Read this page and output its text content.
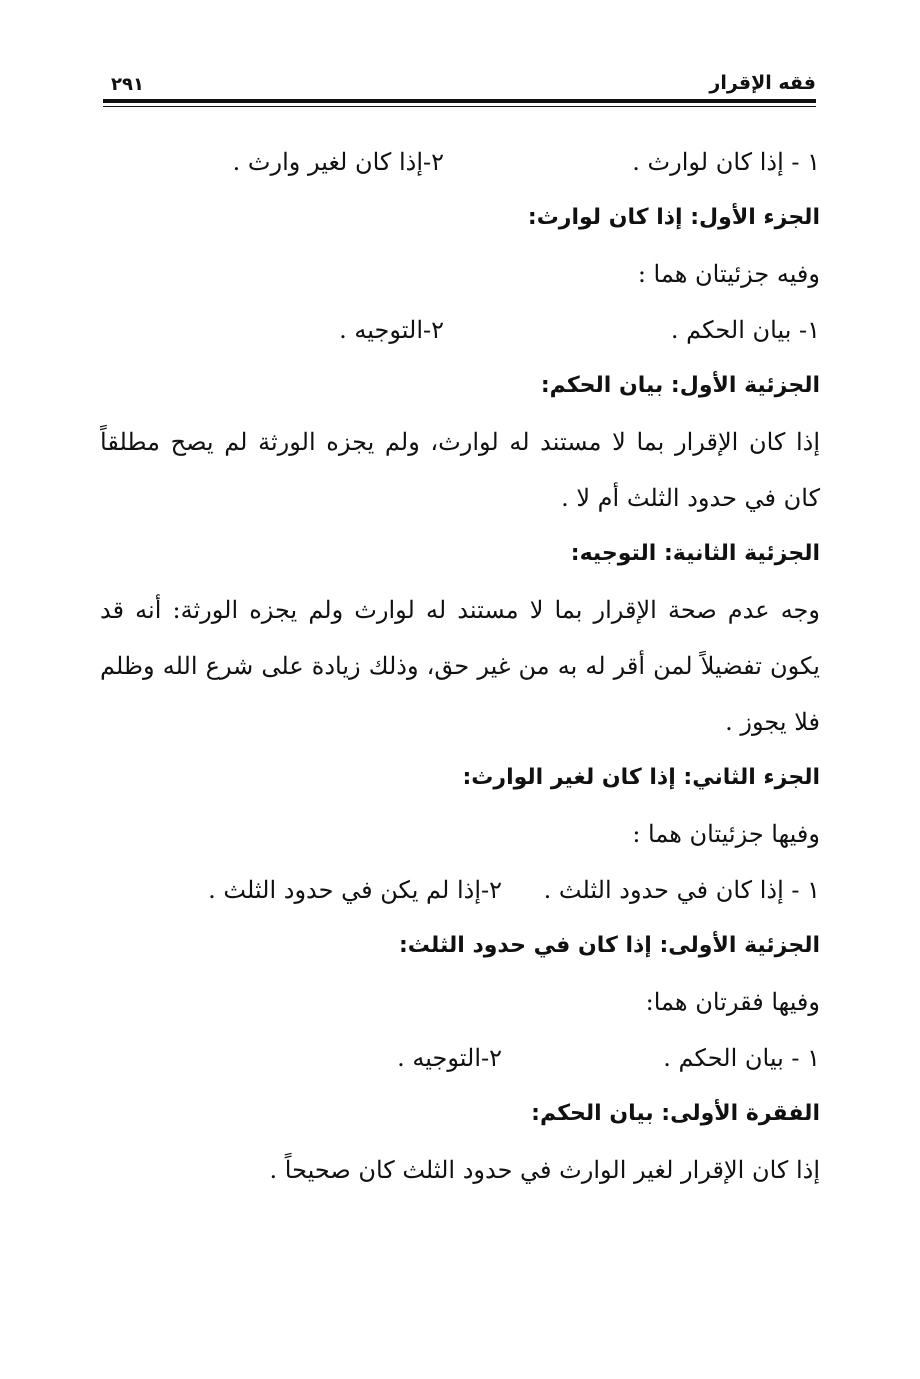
فقه الإقرار
٢٩١
١ - إذا كان لوارث .
٢-إذا كان لغير وارث .
الجزء الأول: إذا كان لوارث:
وفيه جزئيتان هما :
١- بيان الحكم .
٢-التوجيه .
الجزئية الأول: بيان الحكم:
إذا كان الإقرار بما لا مستند له لوارث، ولم يجزه الورثة لم يصح مطلقاً
كان في حدود الثلث أم لا .
الجزئية الثانية: التوجيه:
وجه عدم صحة الإقرار بما لا مستند له لوارث ولم يجزه الورثة: أنه قد
يكون تفضيلاً لمن أقر له به من غير حق، وذلك زيادة على شرع الله وظلم
فلا يجوز .
الجزء الثاني: إذا كان لغير الوارث:
وفيها جزئيتان هما :
١ - إذا كان في حدود الثلث .
٢-إذا لم يكن في حدود الثلث .
الجزئية الأولى: إذا كان في حدود الثلث:
وفيها فقرتان هما:
١ - بيان الحكم .
٢-التوجيه .
الفقرة الأولى: بيان الحكم:
إذا كان الإقرار لغير الوارث في حدود الثلث كان صحيحاً .
